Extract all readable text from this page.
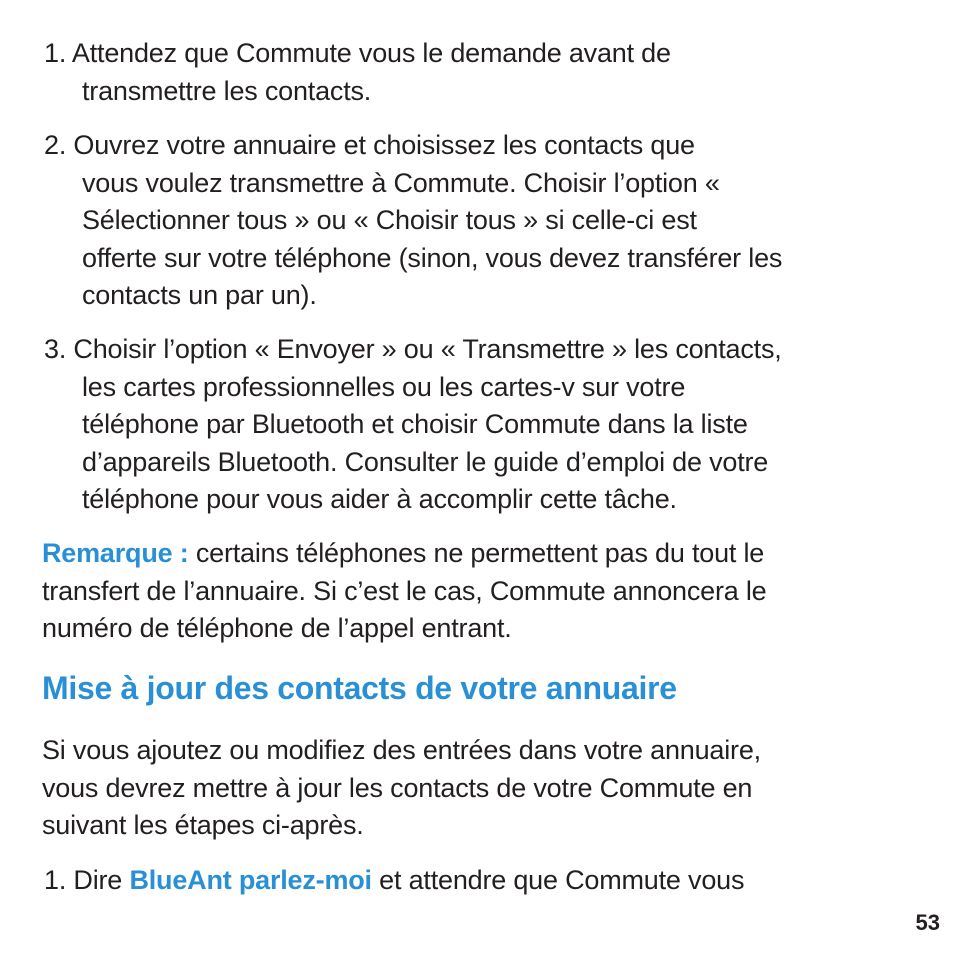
1. Attendez que Commute vous le demande avant de
transmettre les contacts.
2. Ouvrez votre annuaire et choisissez les contacts que
vous voulez transmettre à Commute. Choisir l’option «
Sélectionner tous » ou « Choisir tous » si celle-ci est
offerte sur votre téléphone (sinon, vous devez transférer les
contacts un par un).
3. Choisir l’option « Envoyer » ou « Transmettre » les contacts,
les cartes professionnelles ou les cartes-v sur votre
téléphone par Bluetooth et choisir Commute dans la liste
d’appareils Bluetooth. Consulter le guide d’emploi de votre
téléphone pour vous aider à accomplir cette tâche.
Remarque : certains téléphones ne permettent pas du tout le
transfert de l’annuaire. Si c’est le cas, Commute annoncera le
numéro de téléphone de l’appel entrant.
Mise à jour des contacts de votre annuaire
Si vous ajoutez ou modifiez des entrées dans votre annuaire,
vous devrez mettre à jour les contacts de votre Commute en
suivant les étapes ci-après.
1. Dire BlueAnt parlez-moi et attendre que Commute vous
53
